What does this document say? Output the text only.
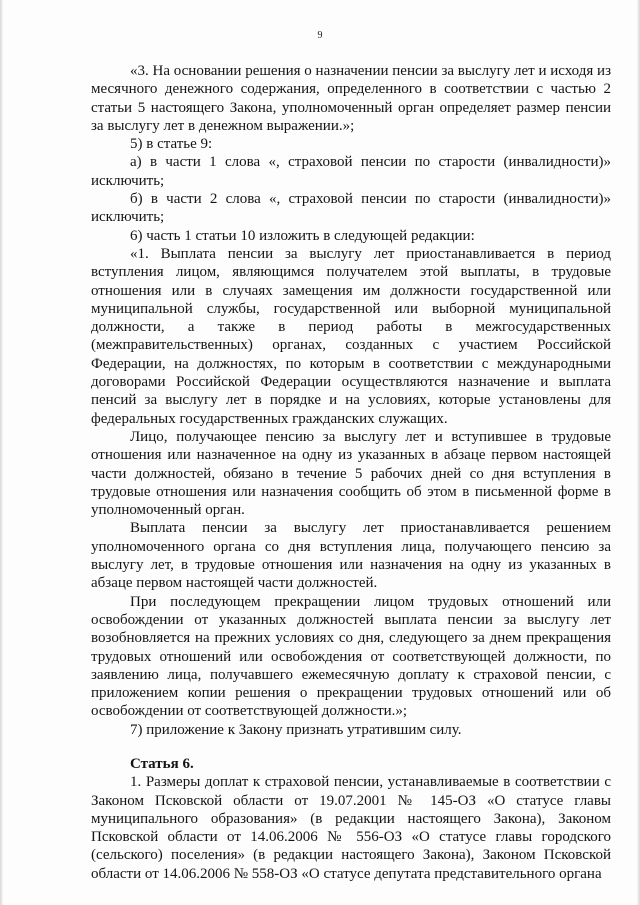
9

«3. На основании решения о назначении пенсии за выслугу лет и исходя из месячного денежного содержания, определенного в соответствии с частью 2 статьи 5 настоящего Закона, уполномоченный орган определяет размер пенсии за выслугу лет в денежном выражении.»;

5) в статье 9:

а) в части 1 слова «, страховой пенсии по старости (инвалидности)» исключить;

б) в части 2 слова «, страховой пенсии по старости (инвалидности)» исключить;

6) часть 1 статьи 10 изложить в следующей редакции:

«1. Выплата пенсии за выслугу лет приостанавливается в период вступления лицом, являющимся получателем этой выплаты, в трудовые отношения или в случаях замещения им должности государственной или муниципальной службы, государственной или выборной муниципальной должности, а также в период работы в межгосударственных (межправительственных) органах, созданных с участием Российской Федерации, на должностях, по которым в соответствии с международными договорами Российской Федерации осуществляются назначение и выплата пенсий за выслугу лет в порядке и на условиях, которые установлены для федеральных государственных гражданских служащих.

Лицо, получающее пенсию за выслугу лет и вступившее в трудовые отношения или назначенное на одну из указанных в абзаце первом настоящей части должностей, обязано в течение 5 рабочих дней со дня вступления в трудовые отношения или назначения сообщить об этом в письменной форме в уполномоченный орган.

Выплата пенсии за выслугу лет приостанавливается решением уполномоченного органа со дня вступления лица, получающего пенсию за выслугу лет, в трудовые отношения или назначения на одну из указанных в абзаце первом настоящей части должностей.

При последующем прекращении лицом трудовых отношений или освобождении от указанных должностей выплата пенсии за выслугу лет возобновляется на прежних условиях со дня, следующего за днем прекращения трудовых отношений или освобождения от соответствующей должности, по заявлению лица, получавшего ежемесячную доплату к страховой пенсии, с приложением копии решения о прекращении трудовых отношений или об освобождении от соответствующей должности.»;

7) приложение к Закону признать утратившим силу.

Статья 6.

1. Размеры доплат к страховой пенсии, устанавливаемые в соответствии с Законом Псковской области от 19.07.2001 № 145-ОЗ «О статусе главы муниципального образования» (в редакции настоящего Закона), Законом Псковской области от 14.06.2006 № 556-ОЗ «О статусе главы городского (сельского) поселения» (в редакции настоящего Закона), Законом Псковской области от 14.06.2006 № 558-ОЗ «О статусе депутата представительного органа
